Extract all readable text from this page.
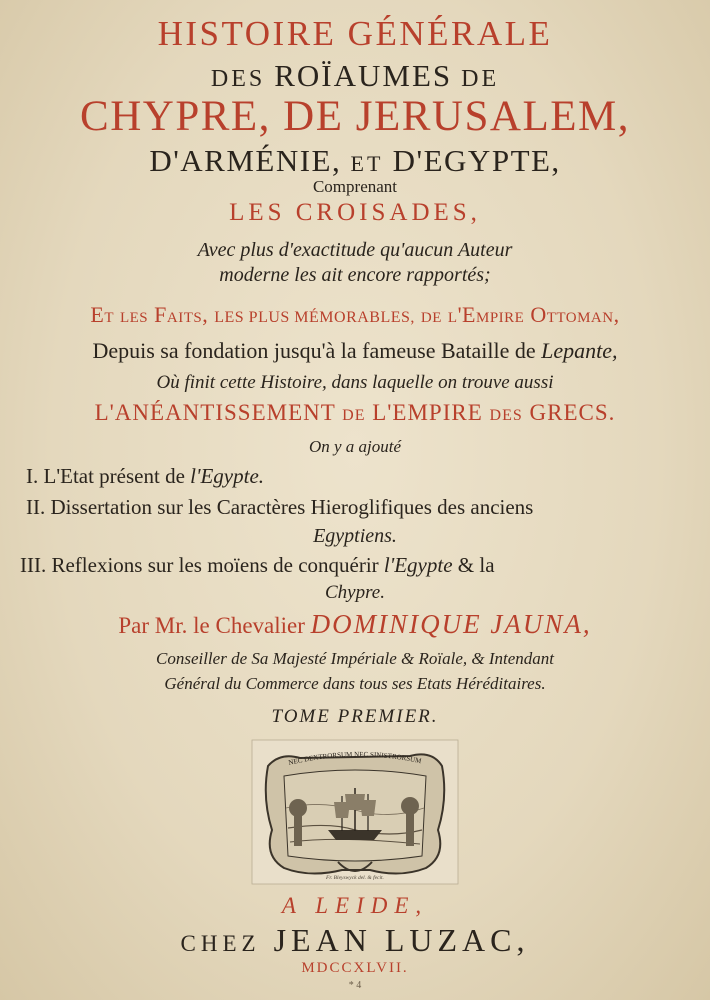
HISTOIRE GÉNÉRALE
DES ROÏAUMES DE
CHYPRE, DE JERUSALEM,
D'ARMÉNIE, ET D'EGYPTE,
Comprenant
LES CROISADES,
Avec plus d'exactitude qu'aucun Auteur
moderne les ait encore rapportés;
Et les Faits, LES PLUS MÉMORABLES, de l'Empire Ottoman,
Depuis sa fondation jusqu'à la fameuse Bataille de Lepante,
Où finit cette Histoire, dans laquelle on trouve aussi
L'ANÉANTISSEMENT DE L'EMPIRE DES GRECS.
On y a ajouté
I. L'Etat présent de l'Egypte.
II. Dissertation sur les Caractères Hieroglifiques des anciens
Egyptiens.
III. Reflexions sur les moïens de conquérir l'Egypte & la
Chypre.
Par Mr. le Chevalier DOMINIQUE JAUNA,
Conseiller de Sa Majesté Impériale & Roïale, & Intendant
Général du Commerce dans tous ses Etats Héréditaires.
TOME PREMIER.
NEC DEXTRORSUM NEC SINISTRORSUM
Fr. Bleyswyck del. & fecit.
A LEIDE,
CHEZ JEAN LUZAC,
MDCCXLVII.
* 4
